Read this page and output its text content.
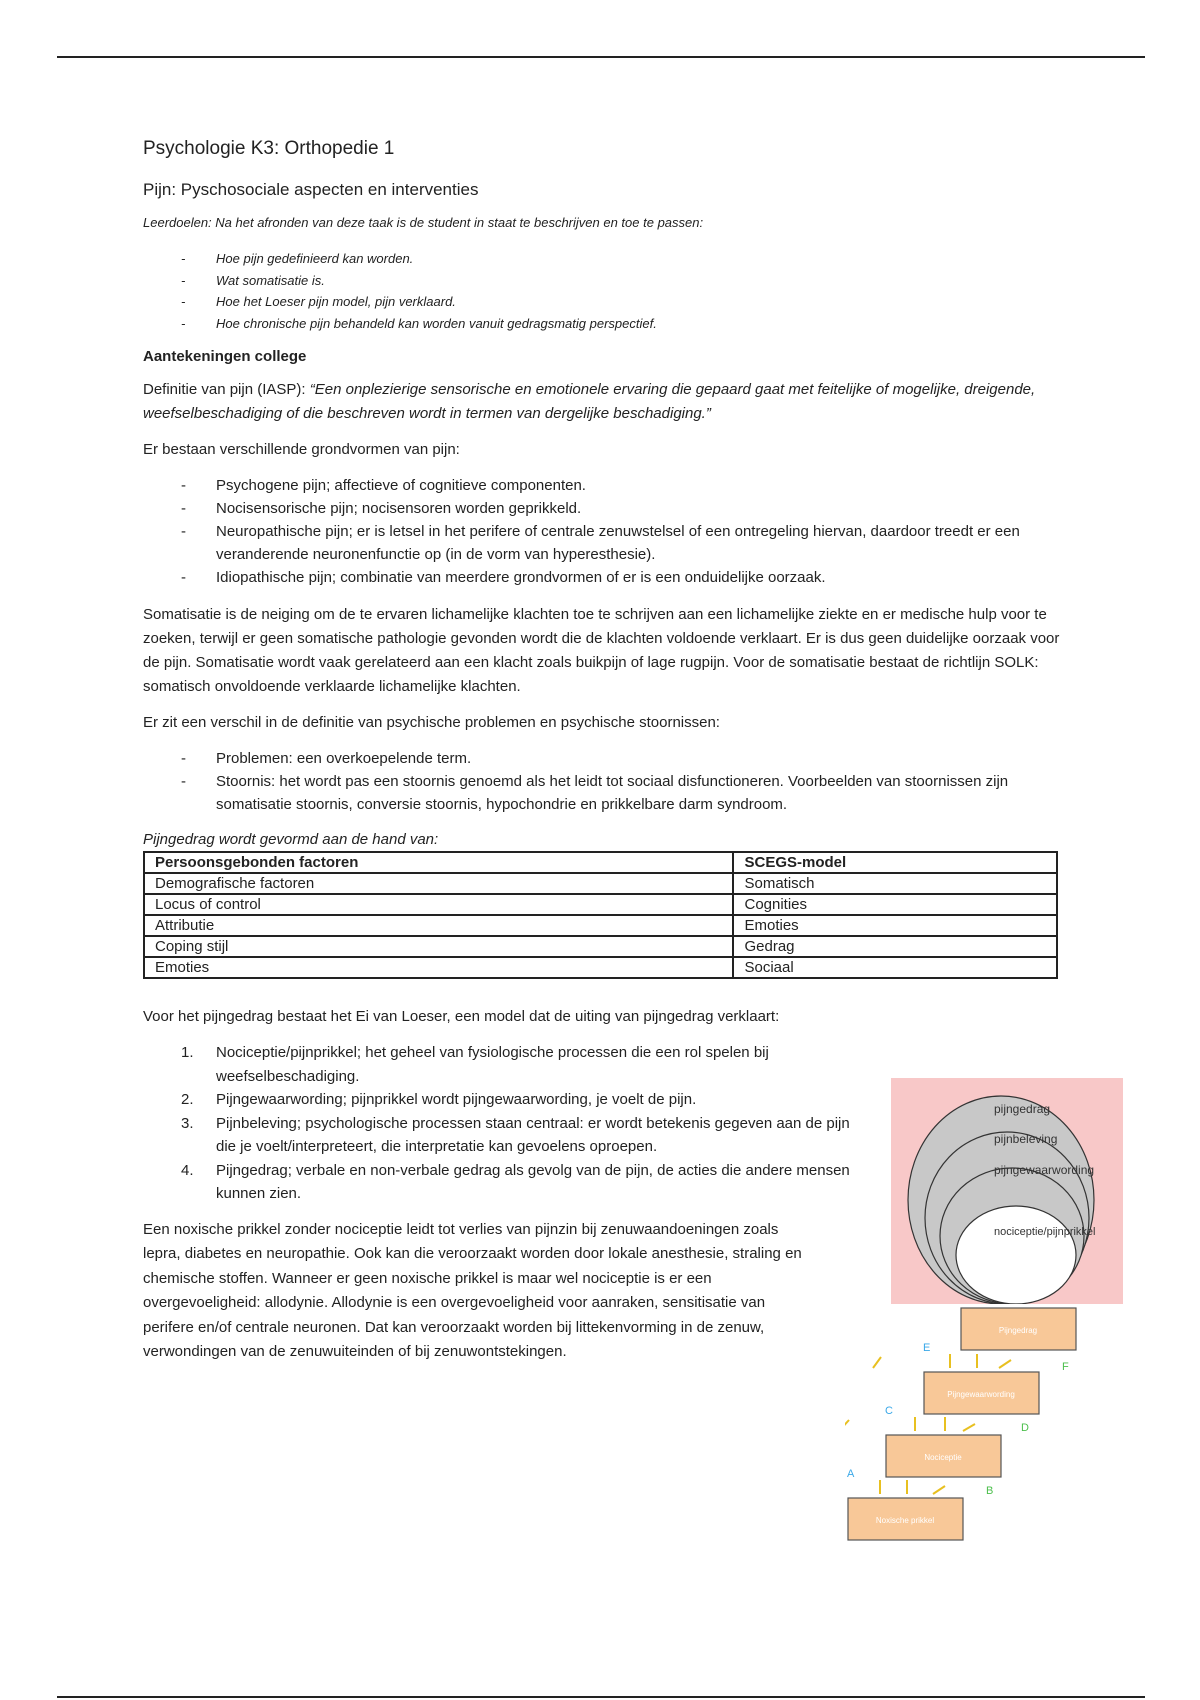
Psychologie K3: Orthopedie 1
Pijn: Pyschosociale aspecten en interventies
Leerdoelen: Na het afronden van deze taak is de student in staat te beschrijven en toe te passen:
- Hoe pijn gedefinieerd kan worden.
- Wat somatisatie is.
- Hoe het Loeser pijn model, pijn verklaard.
- Hoe chronische pijn behandeld kan worden vanuit gedragsmatig perspectief.
Aantekeningen college

Definitie van pijn (IASP): “Een onplezierige sensorische en emotionele ervaring die gepaard gaat met feitelijke of mogelijke, dreigende, weefselbeschadiging of die beschreven wordt in termen van dergelijke beschadiging.”

Er bestaan verschillende grondvormen van pijn:

- Psychogene pijn; affectieve of cognitieve componenten.
- Nocisensorische pijn; nocisensoren worden geprikkeld.
- Neuropathische pijn; er is letsel in het perifere of centrale zenuwstelsel of een ontregeling hiervan, daardoor treedt er een veranderende neuronenfunctie op (in de vorm van hyperesthesie).
- Idiopathische pijn; combinatie van meerdere grondvormen of er is een onduidelijke oorzaak.

Somatisatie is de neiging om de te ervaren lichamelijke klachten toe te schrijven aan een lichamelijke ziekte en er medische hulp voor te zoeken, terwijl er geen somatische pathologie gevonden wordt die de klachten voldoende verklaart. Er is dus geen duidelijke oorzaak voor de pijn. Somatisatie wordt vaak gerelateerd aan een klacht zoals buikpijn of lage rugpijn. Voor de somatisatie bestaat de richtlijn SOLK: somatisch onvoldoende verklaarde lichamelijke klachten.

Er zit een verschil in de definitie van psychische problemen en psychische stoornissen:

- Problemen: een overkoepelende term.
- Stoornis: het wordt pas een stoornis genoemd als het leidt tot sociaal disfunctioneren. Voorbeelden van stoornissen zijn somatisatie stoornis, conversie stoornis, hypochondrie en prikkelbare darm syndroom.
Pijngedrag wordt gevormd aan de hand van:
Persoonsgebonden factoren	SCEGS-model
Demografische factoren	Somatisch
Locus of control	Cognities
Attributie	Emoties
Coping stijl	Gedrag
Emoties	Sociaal

Voor het pijngedrag bestaat het Ei van Loeser, een model dat de uiting van pijngedrag verklaart:

1. Nociceptie/pijnprikkel; het geheel van fysiologische processen die een rol spelen bij weefselbeschadiging.
2. Pijngewaarwording; pijnprikkel wordt pijngewaarwording, je voelt de pijn.
3. Pijnbeleving; psychologische processen staan centraal: er wordt betekenis gegeven aan de pijn die je voelt/interpreteert, die interpretatie kan gevoelens oproepen.
4. Pijngedrag; verbale en non-verbale gedrag als gevolg van de pijn, de acties die andere mensen kunnen zien.

Een noxische prikkel zonder nociceptie leidt tot verlies van pijnzin bij zenuwaandoeningen zoals lepra, diabetes en neuropathie. Ook kan die veroorzaakt worden door lokale anesthesie, straling en chemische stoffen. Wanneer er geen noxische prikkel is maar wel nociceptie is er een overgevoeligheid: allodynie. Allodynie is een overgevoeligheid voor aanraken, sensitisatie van perifere en/of centrale neuronen. Dat kan veroorzaakt worden bij littekenvorming in de zenuw, verwondingen van de zenuwuiteinden of bij zenuwontstekingen.

pijngedrag
pijnbeleving
pijngewaarwording
nociceptie/pijnprikkel
Pijngedrag
Pijngewaarwording
Nociceptie
Noxische prikkel
A
B
C
D
E
F
